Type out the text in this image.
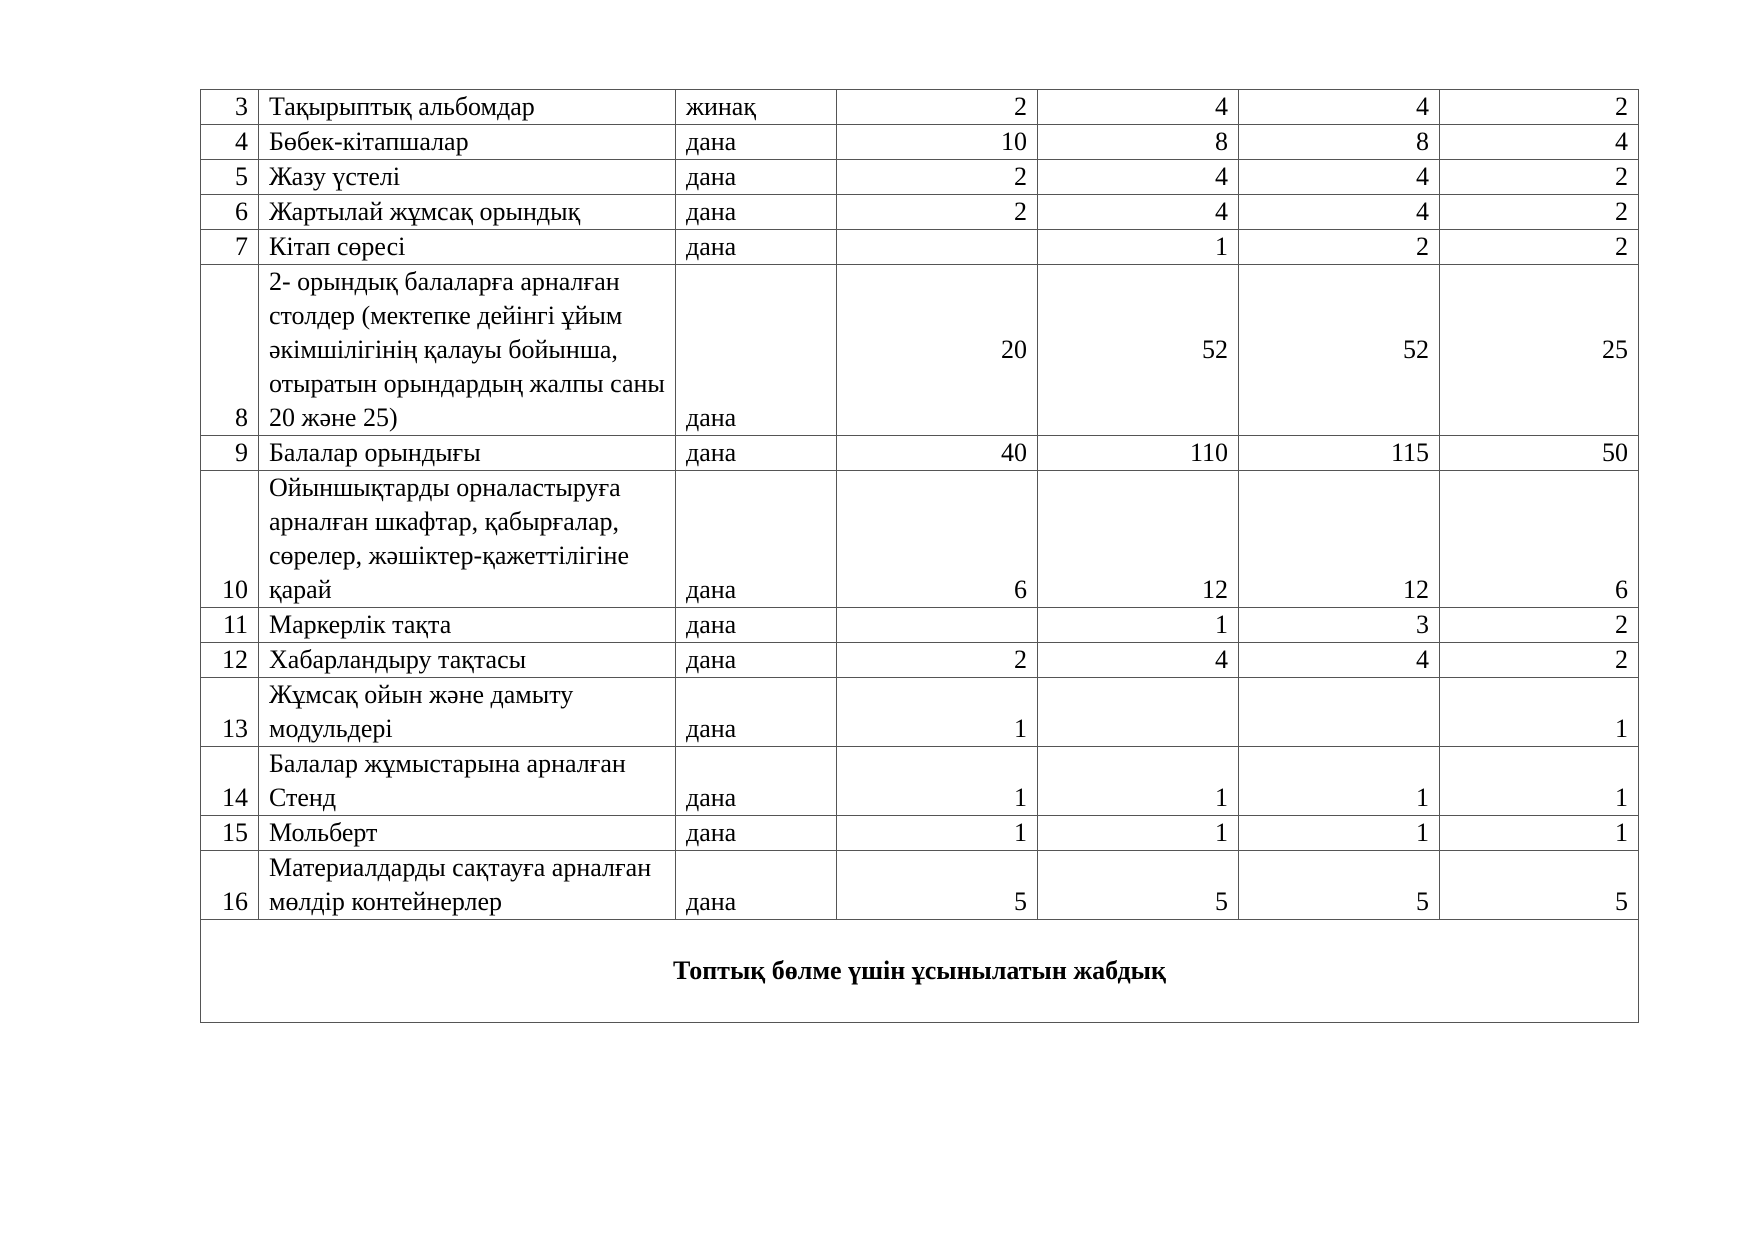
3	Тақырыптық альбомдар	жинақ	2	4	4	2
4	Бөбек-кітапшалар	дана	10	8	8	4
5	Жазу үстелі	дана	2	4	4	2
6	Жартылай жұмсақ орындық	дана	2	4	4	2
7	Кітап сөресі	дана		1	2	2
8	2- орындық балаларға арналған столдер (мектепке дейінгі ұйым әкімшілігінің қалауы бойынша, отыратын орындардың жалпы саны 20 және 25)	дана	20	52	52	25
9	Балалар орындығы	дана	40	110	115	50
10	Ойыншықтарды орналастыруға арналған шкафтар, қабырғалар, сөрелер, жәшіктер-қажеттілігіне қарай	дана	6	12	12	6
11	Маркерлік тақта	дана		1	3	2
12	Хабарландыру тақтасы	дана	2	4	4	2
13	Жұмсақ ойын және дамыту модульдері	дана	1			1
14	Балалар жұмыстарына арналған Стенд	дана	1	1	1	1
15	Мольберт	дана	1	1	1	1
16	Материалдарды сақтауға арналған мөлдір контейнерлер	дана	5	5	5	5
Топтық бөлме үшін ұсынылатын жабдық						
